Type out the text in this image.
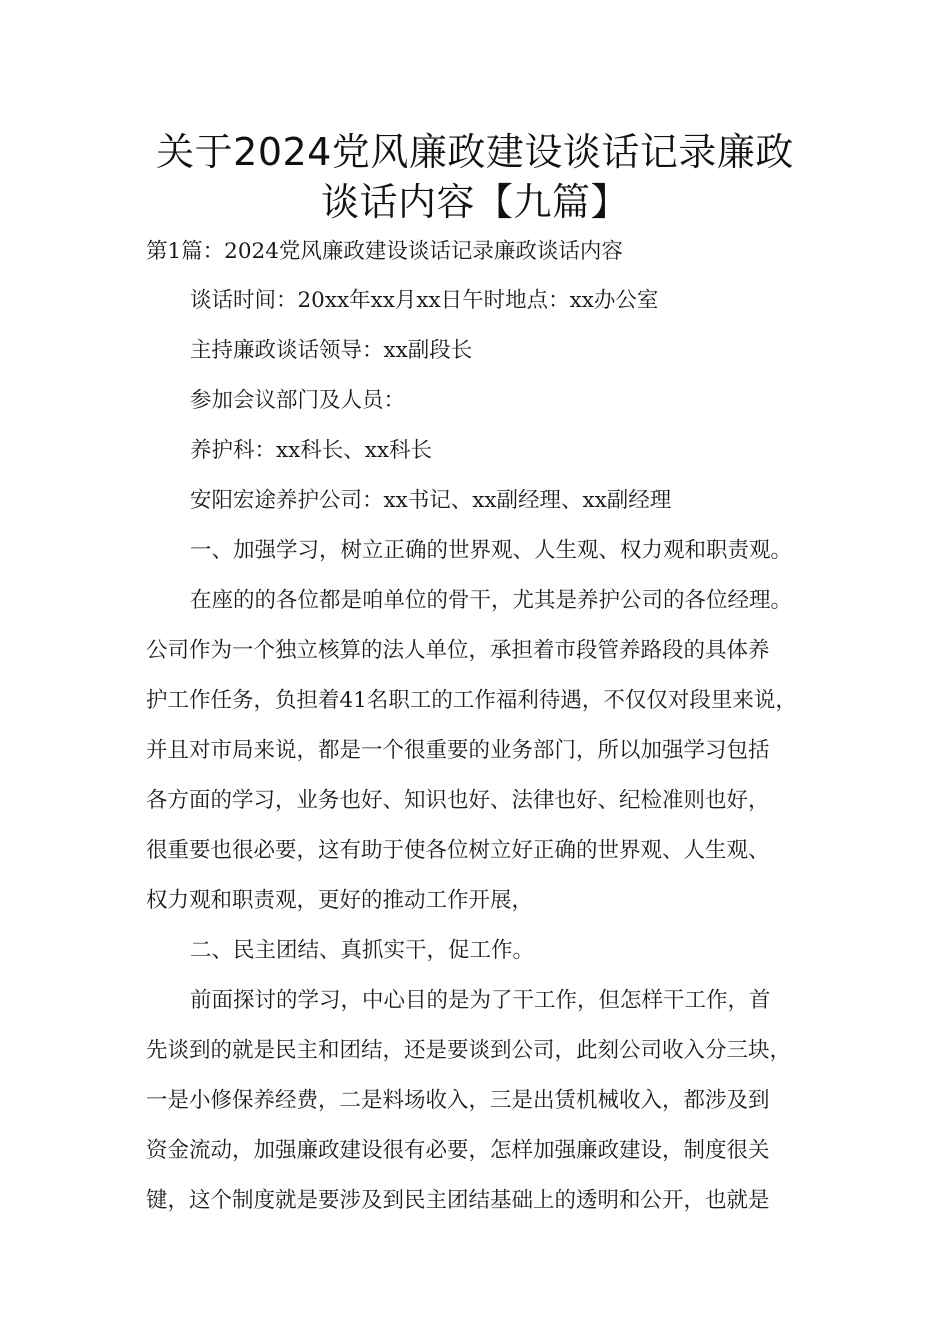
关于2024党风廉政建设谈话记录廉政
谈话内容【九篇】
第1篇：2024党风廉政建设谈话记录廉政谈话内容
谈话时间：20xx年xx月xx日午时地点：xx办公室
主持廉政谈话领导：xx副段长
参加会议部门及人员：
养护科：xx科长、xx科长
安阳宏途养护公司：xx书记、xx副经理、xx副经理
一、加强学习，树立正确的世界观、人生观、权力观和职责观。
在座的的各位都是咱单位的骨干，尤其是养护公司的各位经理。
公司作为一个独立核算的法人单位，承担着市段管养路段的具体养
护工作任务，负担着41名职工的工作福利待遇，不仅仅对段里来说，
并且对市局来说，都是一个很重要的业务部门，所以加强学习包括
各方面的学习，业务也好、知识也好、法律也好、纪检准则也好，
很重要也很必要，这有助于使各位树立好正确的世界观、人生观、
权力观和职责观，更好的推动工作开展，
二、民主团结、真抓实干，促工作。
前面探讨的学习，中心目的是为了干工作，但怎样干工作，首
先谈到的就是民主和团结，还是要谈到公司，此刻公司收入分三块，
一是小修保养经费，二是料场收入，三是出赁机械收入，都涉及到
资金流动，加强廉政建设很有必要，怎样加强廉政建设，制度很关
键，这个制度就是要涉及到民主团结基础上的透明和公开，也就是
